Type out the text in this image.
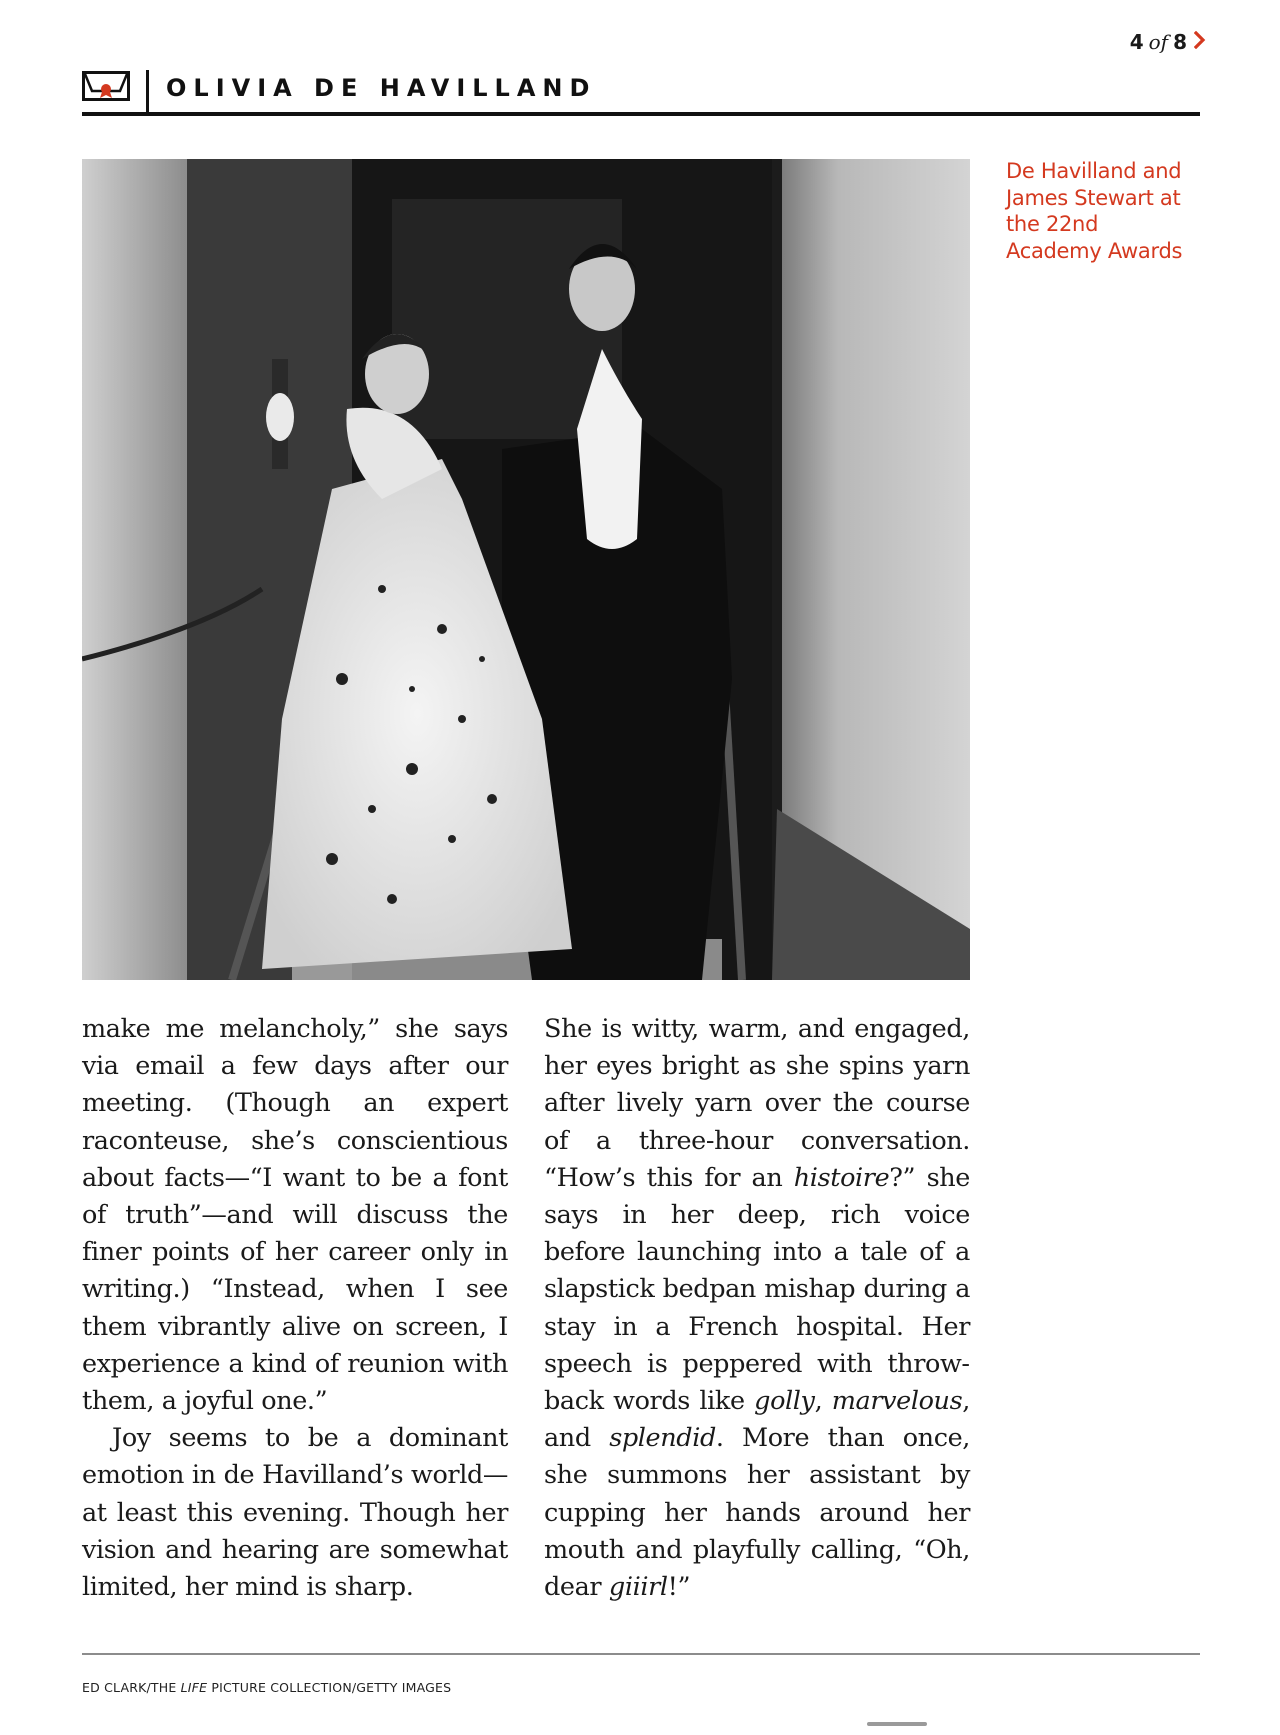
4 of 8
OLIVIA DE HAVILLAND
De Havilland and James Stewart at the 22nd Academy Awards

make me melancholy,” she says via email a few days after our meeting. (Though an expert raconteuse, she’s conscientious about facts—“I want to be a font of truth”—and will discuss the finer points of her career only in writing.) “Instead, when I see them vibrantly alive on screen, I experience a kind of reunion with them, a joyful one.”

Joy seems to be a dominant emotion in de Havilland’s world—at least this evening. Though her vision and hearing are somewhat limited, her mind is sharp.

She is witty, warm, and engaged, her eyes bright as she spins yarn after lively yarn over the course of a three-hour conversation. “How’s this for an histoire?” she says in her deep, rich voice before launching into a tale of a slapstick bedpan mishap during a stay in a French hospital. Her speech is peppered with throwback words like golly, marvelous, and splendid. More than once, she summons her assistant by cupping her hands around her mouth and playfully calling, “Oh, dear giiirl!”

ED CLARK/THE LIFE PICTURE COLLECTION/GETTY IMAGES
